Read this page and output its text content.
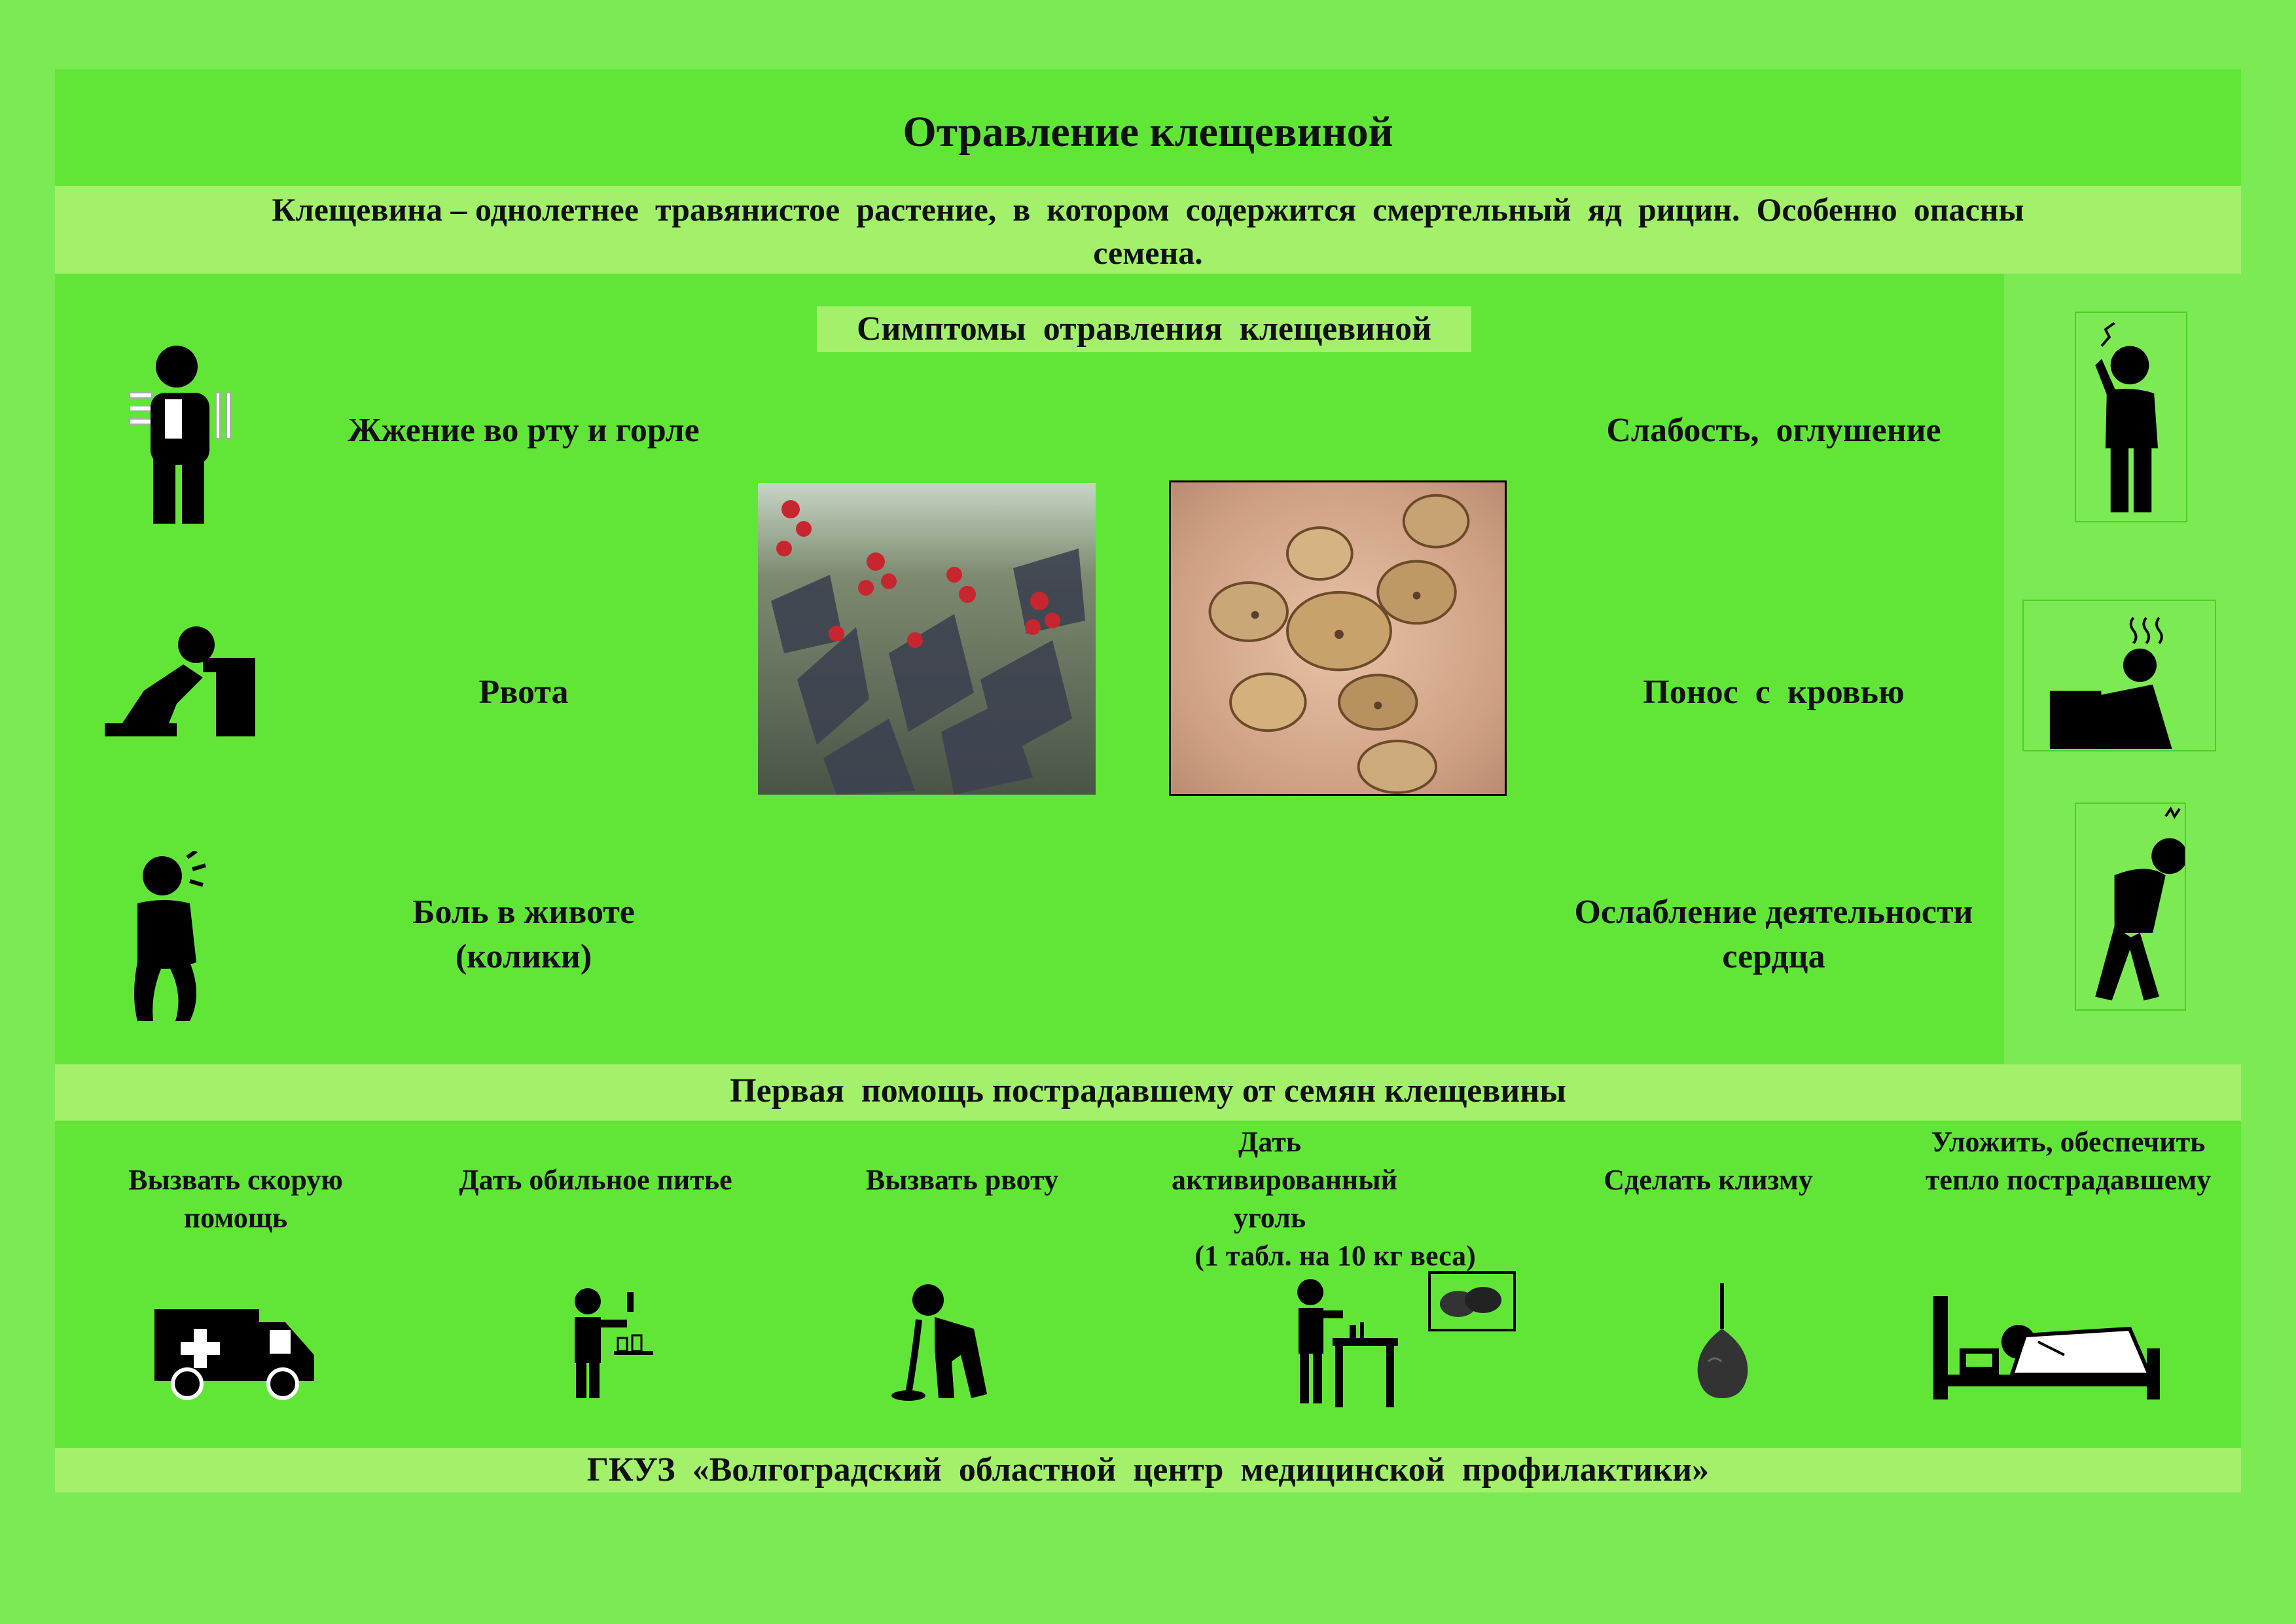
Отравление клещевиной
Клещевина – однолетнее  травянистое  растение,  в  котором  содержится  смертельный  яд  рицин.  Особенно  опасны
семена.
Симптомы  отравления  клещевиной
Жжение во рту и горле
Рвота
Боль в животе (колики)
Слабость,  оглушение
Понос  с  кровью
Ослабление деятельности сердца
Первая  помощь пострадавшему от семян клещевины
Вызвать скорую помощь
Дать обильное питье	Вызвать рвоту
Дать активированный уголь
(1 табл. на 10 кг веса)
Сделать клизму
Уложить, обеспечить тепло пострадавшему
ГКУЗ  «Волгоградский  областной  центр  медицинской  профилактики»
